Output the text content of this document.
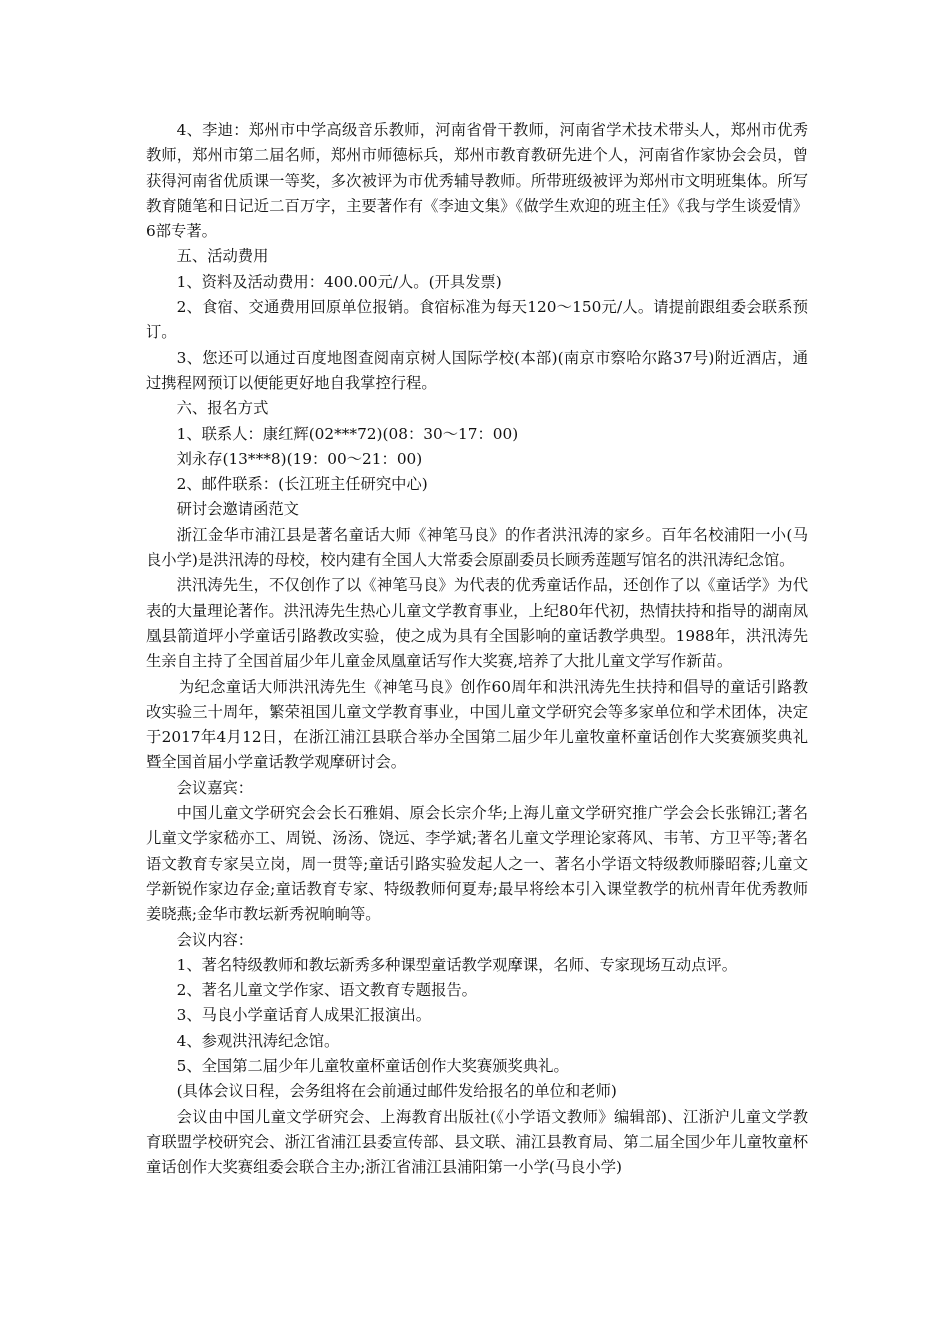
4、李迪：郑州市中学高级音乐教师，河南省骨干教师，河南省学术技术带头人，郑州市优秀教师，郑州市第二届名师，郑州市师德标兵，郑州市教育教研先进个人，河南省作家协会会员，曾获得河南省优质课一等奖，多次被评为市优秀辅导教师。所带班级被评为郑州市文明班集体。所写教育随笔和日记近二百万字，主要著作有《李迪文集》《做学生欢迎的班主任》《我与学生谈爱情》6部专著。

五、活动费用

1、资料及活动费用：400.00元/人。(开具发票)

2、食宿、交通费用回原单位报销。食宿标准为每天120～150元/人。请提前跟组委会联系预订。

3、您还可以通过百度地图查阅南京树人国际学校(本部)(南京市察哈尔路37号)附近酒店，通过携程网预订以便能更好地自我掌控行程。

六、报名方式

1、联系人：康红辉(02***72)(08：30～17：00)

刘永存(13***8)(19：00～21：00)

2、邮件联系：(长江班主任研究中心)

研讨会邀请函范文

浙江金华市浦江县是著名童话大师《神笔马良》的作者洪汛涛的家乡。百年名校浦阳一小(马良小学)是洪汛涛的母校，校内建有全国人大常委会原副委员长顾秀莲题写馆名的洪汛涛纪念馆。

洪汛涛先生，不仅创作了以《神笔马良》为代表的优秀童话作品，还创作了以《童话学》为代表的大量理论著作。洪汛涛先生热心儿童文学教育事业，上纪80年代初，热情扶持和指导的湖南凤凰县箭道坪小学童话引路教改实验，使之成为具有全国影响的童话教学典型。1988年，洪汛涛先生亲自主持了全国首届少年儿童金凤凰童话写作大奖赛,培养了大批儿童文学写作新苗。

为纪念童话大师洪汛涛先生《神笔马良》创作60周年和洪汛涛先生扶持和倡导的童话引路教改实验三十周年，繁荣祖国儿童文学教育事业，中国儿童文学研究会等多家单位和学术团体，决定于2017年4月12日，在浙江浦江县联合举办全国第二届少年儿童牧童杯童话创作大奖赛颁奖典礼暨全国首届小学童话教学观摩研讨会。

会议嘉宾：

中国儿童文学研究会会长石雅娟、原会长宗介华;上海儿童文学研究推广学会会长张锦江;著名儿童文学家嵇亦工、周锐、汤汤、饶远、李学斌;著名儿童文学理论家蒋风、韦苇、方卫平等;著名语文教育专家吴立岗，周一贯等;童话引路实验发起人之一、著名小学语文特级教师滕昭蓉;儿童文学新锐作家边存金;童话教育专家、特级教师何夏寿;最早将绘本引入课堂教学的杭州青年优秀教师姜晓燕;金华市教坛新秀祝晌晌等。

会议内容：

1、著名特级教师和教坛新秀多种课型童话教学观摩课，名师、专家现场互动点评。

2、著名儿童文学作家、语文教育专题报告。

3、马良小学童话育人成果汇报演出。

4、参观洪汛涛纪念馆。

5、全国第二届少年儿童牧童杯童话创作大奖赛颁奖典礼。

(具体会议日程，会务组将在会前通过邮件发给报名的单位和老师)

会议由中国儿童文学研究会、上海教育出版社(《小学语文教师》编辑部)、江浙沪儿童文学教育联盟学校研究会、浙江省浦江县委宣传部、县文联、浦江县教育局、第二届全国少年儿童牧童杯童话创作大奖赛组委会联合主办;浙江省浦江县浦阳第一小学(马良小学)
